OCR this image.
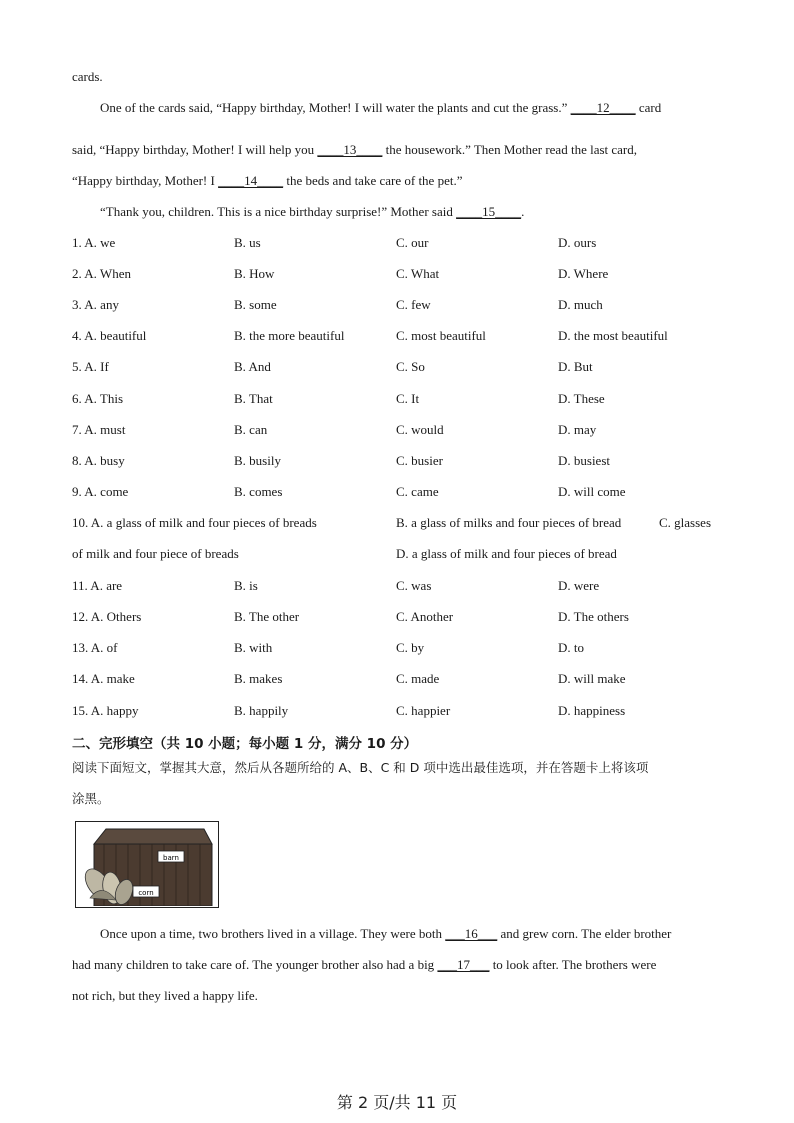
cards.
One of the cards said, “Happy birthday, Mother! I will water the plants and cut the grass.” ____12____ card
said, “Happy birthday, Mother! I will help you ____13____ the housework.” Then Mother read the last card,
“Happy birthday, Mother! I ____14____ the beds and take care of the pet.”
“Thank you, children. This is a nice birthday surprise!” Mother said ____15____.
1. A. we	B. us	C. our	D. ours
2. A. When	B. How	C. What	D. Where
3. A. any	B. some	C. few	D. much
4. A. beautiful	B. the more beautiful	C. most beautiful	D. the most beautiful
5. A. If	B. And	C. So	D. But
6. A. This	B. That	C. It	D. These
7. A. must	B. can	C. would	D. may
8. A. busy	B. busily	C. busier	D. busiest
9. A. come	B. comes	C. came	D. will come
10. A. a glass of milk and four pieces of breads	B. a glass of milks and four pieces of bread	C. glasses
of milk and four piece of breads	D. a glass of milk and four pieces of bread
11. A. are	B. is	C. was	D. were
12. A. Others	B. The other	C. Another	D. The others
13. A. of	B. with	C. by	D. to
14. A. make	B. makes	C. made	D. will make
15. A. happy	B. happily	C. happier	D. happiness
二、完形填空（共 10 小题；每小题 1 分，满分 10 分）
阅读下面短文，掌握其大意，然后从各题所给的 A、B、C 和 D 项中选出最佳选项，并在答题卡上将该项
涂黑。
barn
corn
Once upon a time, two brothers lived in a village. They were both ___16___ and grew corn. The elder brother
had many children to take care of. The younger brother also had a big ___17___ to look after. The brothers were
not rich, but they lived a happy life.
第 2 页/共 11 页
